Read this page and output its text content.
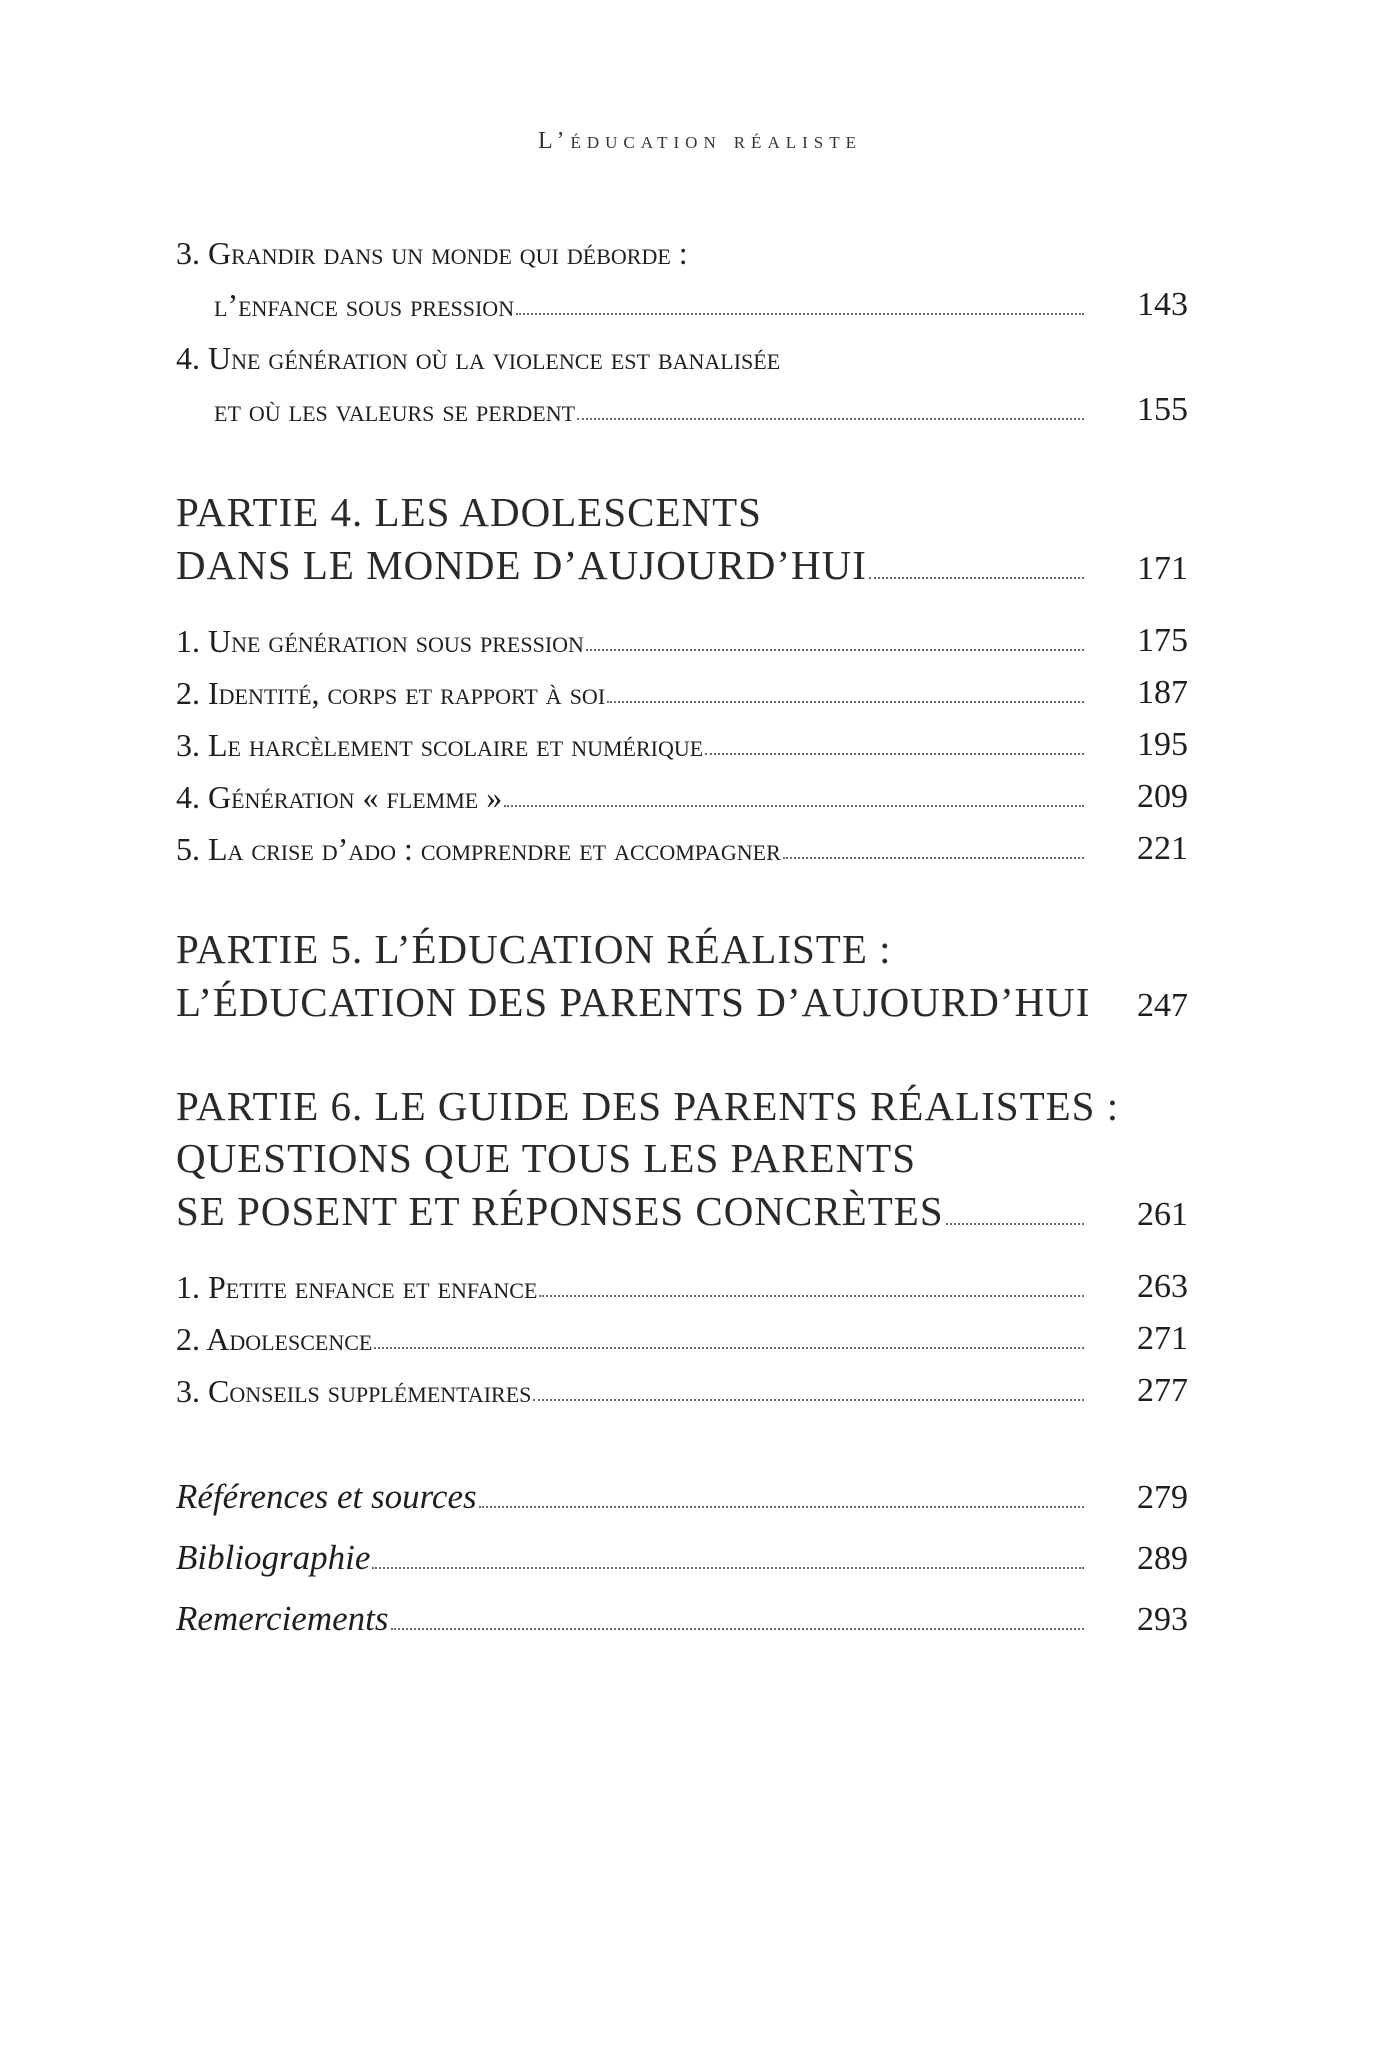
L’éducation réaliste
3. Grandir dans un monde qui déborde :
l’enfance sous pression	143
4. Une génération où la violence est banalisée
et où les valeurs se perdent	155
PARTIE 4. LES ADOLESCENTS
DANS LE MONDE D’AUJOURD’HUI	171
1. Une génération sous pression	175
2. Identité, corps et rapport à soi	187
3. Le harcèlement scolaire et numérique	195
4. Génération « flemme »	209
5. La crise d’ado : comprendre et accompagner	221
PARTIE 5. L’ÉDUCATION RÉALISTE :
L’ÉDUCATION DES PARENTS D’AUJOURD’HUI	247
PARTIE 6. LE GUIDE DES PARENTS RÉALISTES :
QUESTIONS QUE TOUS LES PARENTS
SE POSENT ET RÉPONSES CONCRÈTES	261
1. Petite enfance et enfance	263
2. Adolescence	271
3. Conseils supplémentaires	277
Références et sources	279
Bibliographie	289
Remerciements	293
